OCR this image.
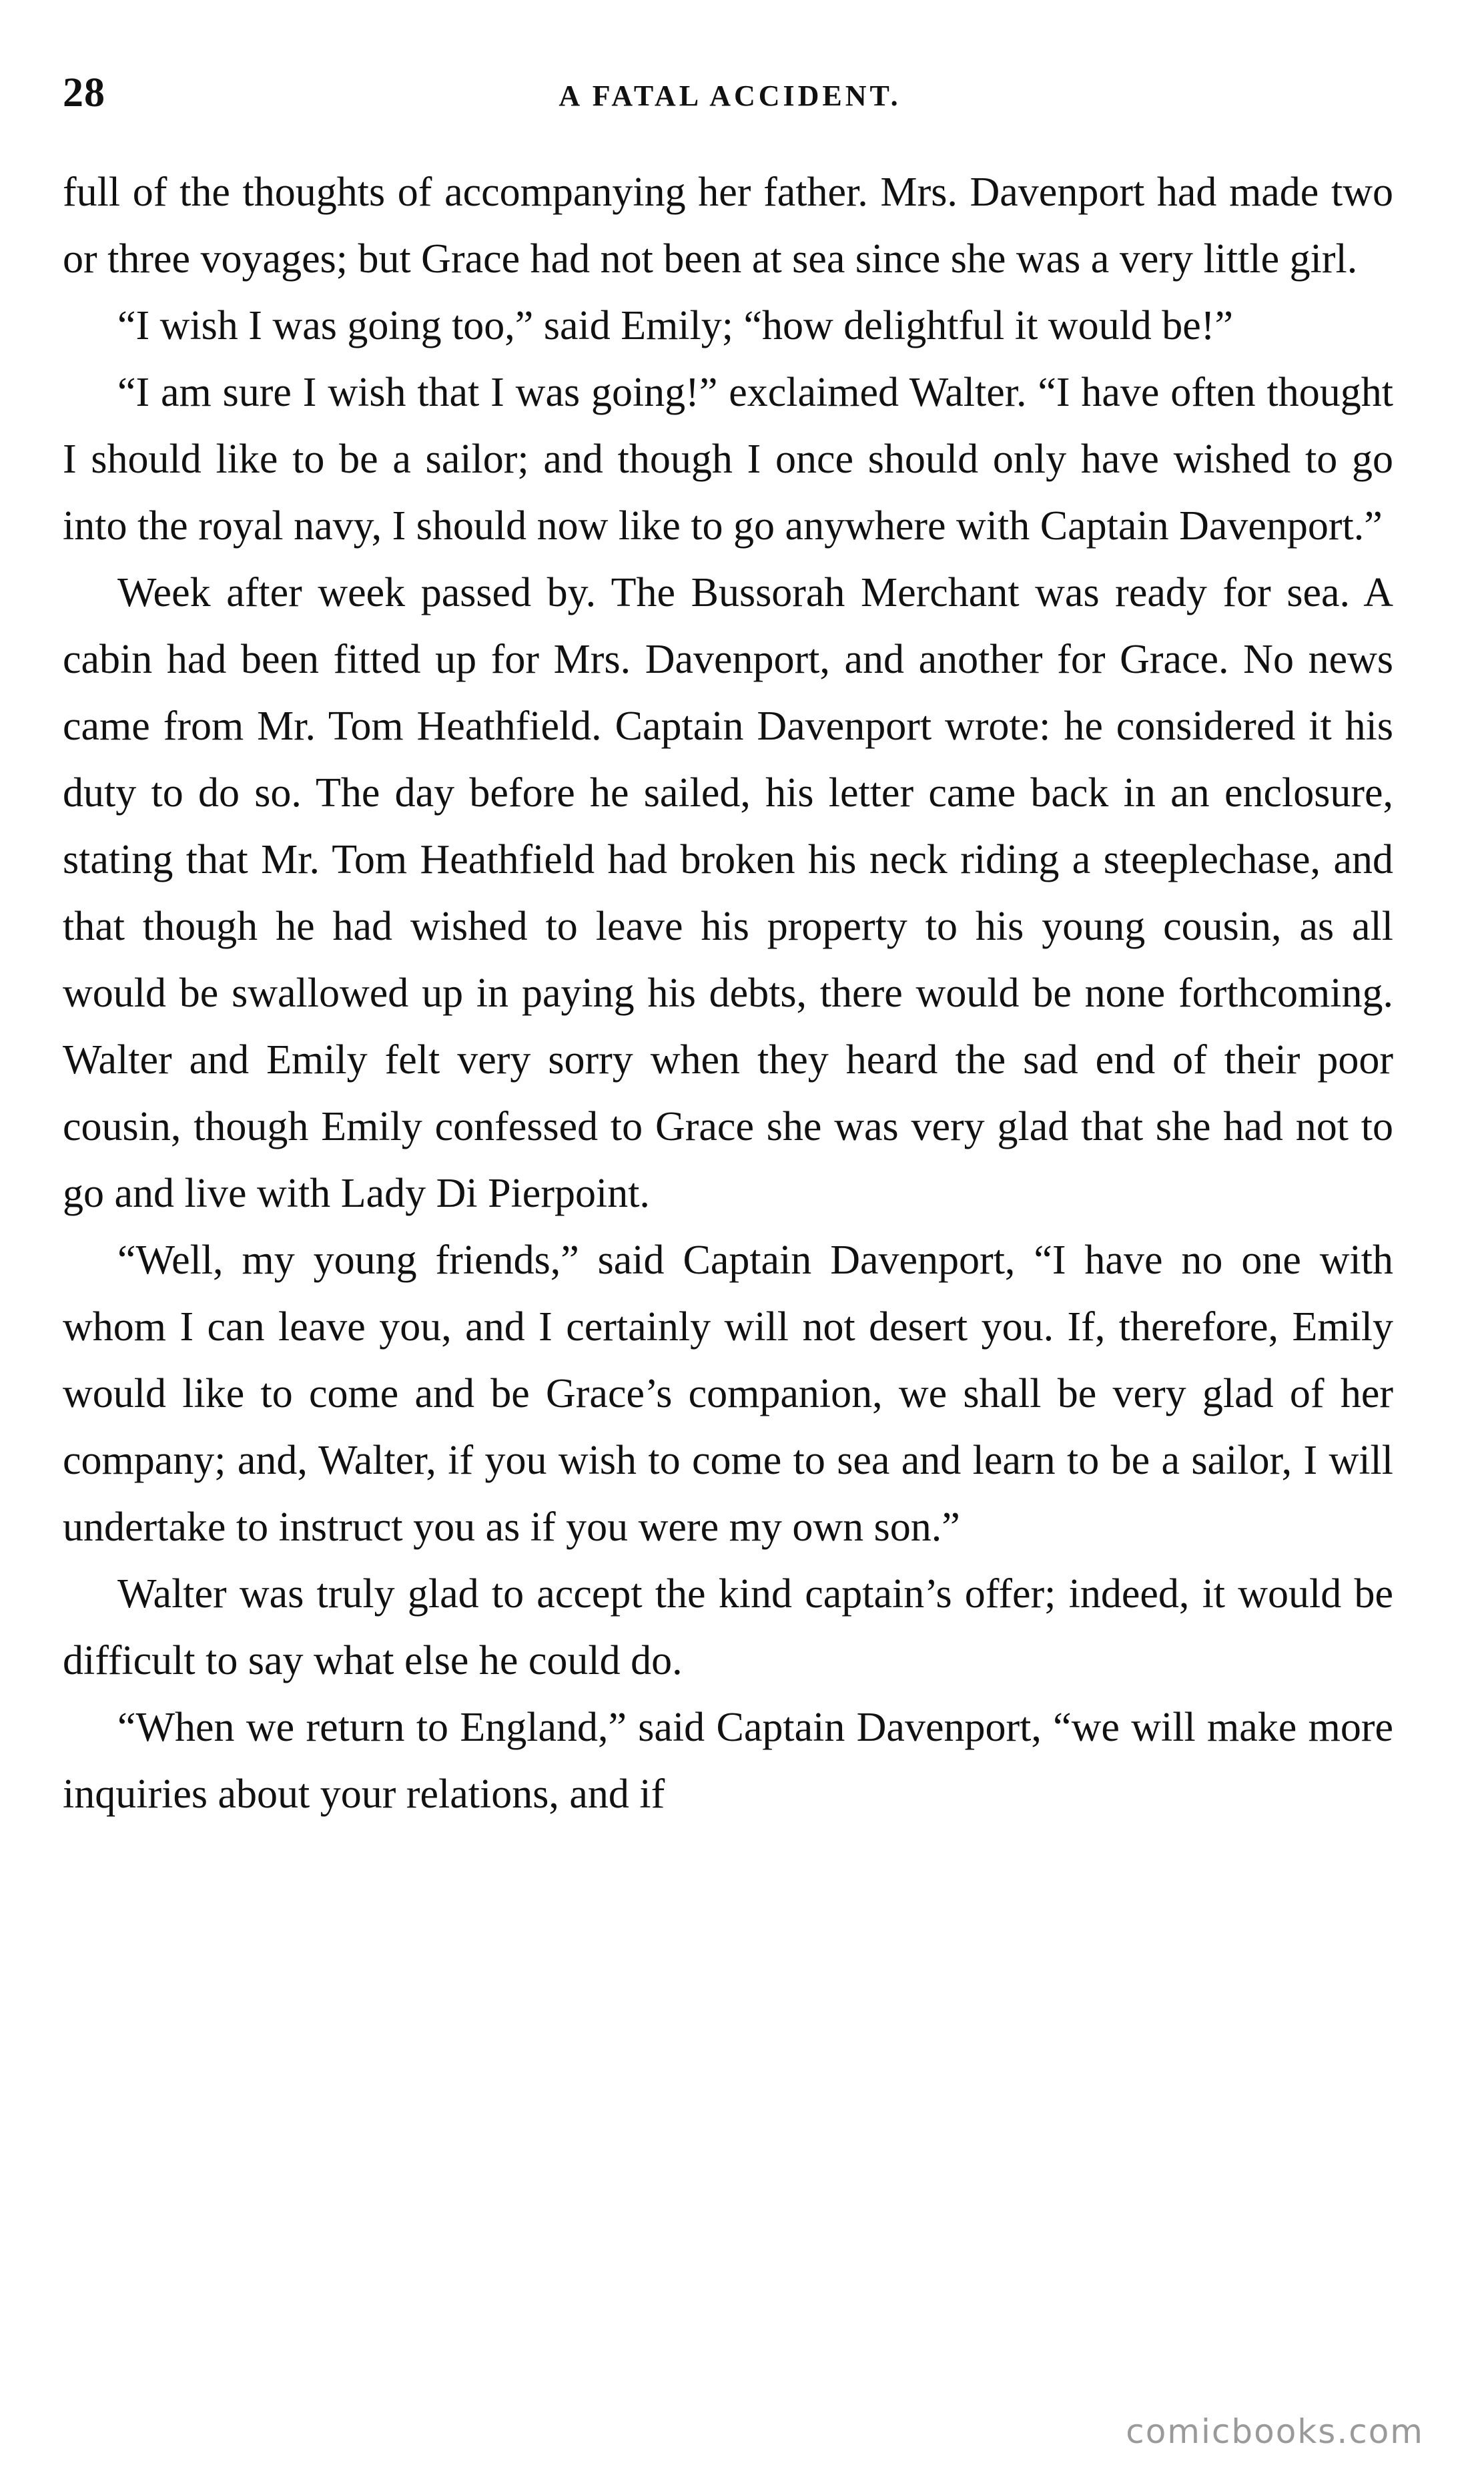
28	A FATAL ACCIDENT.

full of the thoughts of accompanying her father. Mrs. Davenport had made two or three voyages; but Grace had not been at sea since she was a very little girl.

“I wish I was going too,” said Emily; “how delightful it would be!”

“I am sure I wish that I was going!” exclaimed Walter. “I have often thought I should like to be a sailor; and though I once should only have wished to go into the royal navy, I should now like to go anywhere with Captain Davenport.”

Week after week passed by. The Bussorah Merchant was ready for sea. A cabin had been fitted up for Mrs. Davenport, and another for Grace. No news came from Mr. Tom Heathfield. Captain Davenport wrote: he considered it his duty to do so. The day before he sailed, his letter came back in an enclosure, stating that Mr. Tom Heathfield had broken his neck riding a steeplechase, and that though he had wished to leave his property to his young cousin, as all would be swallowed up in paying his debts, there would be none forthcoming. Walter and Emily felt very sorry when they heard the sad end of their poor cousin, though Emily confessed to Grace she was very glad that she had not to go and live with Lady Di Pierpoint.

“Well, my young friends,” said Captain Davenport, “I have no one with whom I can leave you, and I certainly will not desert you. If, therefore, Emily would like to come and be Grace’s companion, we shall be very glad of her company; and, Walter, if you wish to come to sea and learn to be a sailor, I will undertake to instruct you as if you were my own son.”

Walter was truly glad to accept the kind captain’s offer; indeed, it would be difficult to say what else he could do.

“When we return to England,” said Captain Davenport, “we will make more inquiries about your relations, and if

comicbooks.com
